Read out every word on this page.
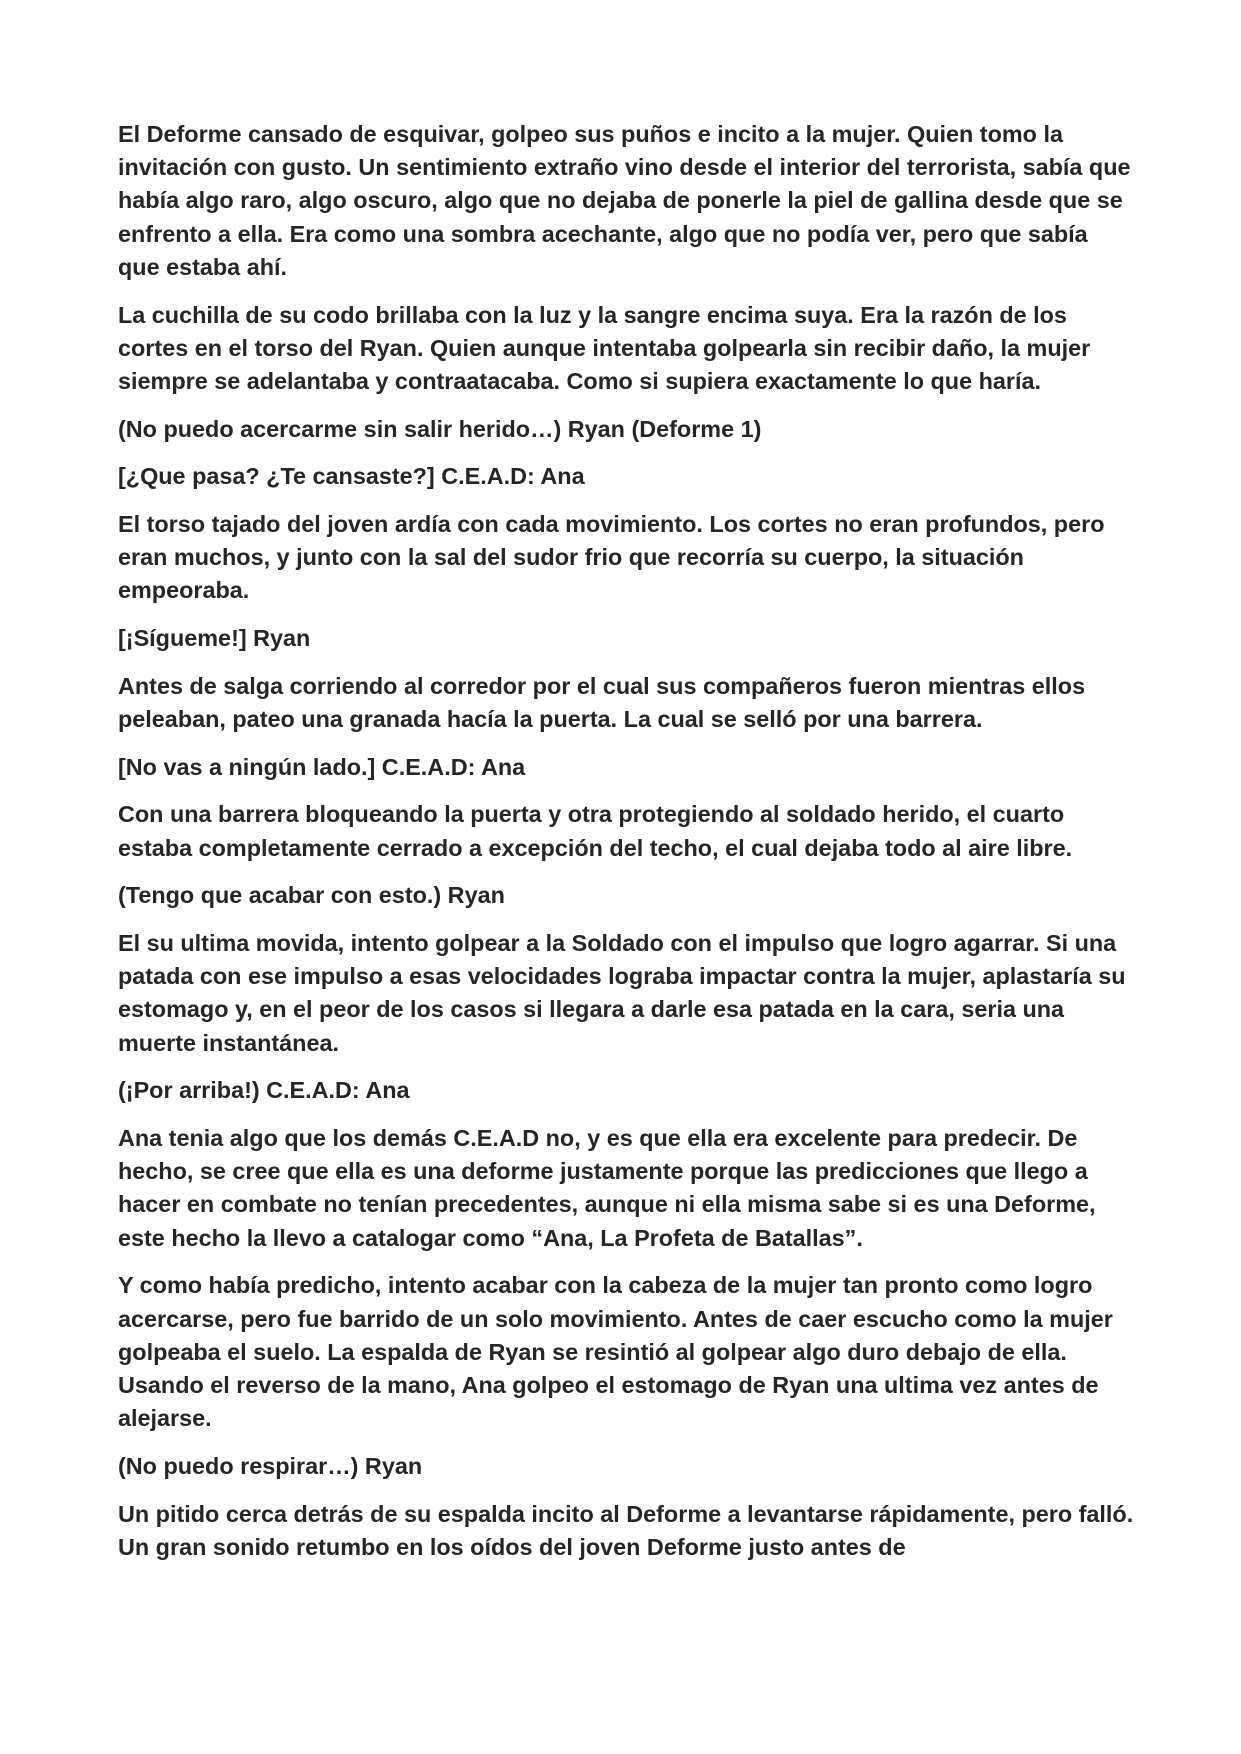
El Deforme cansado de esquivar, golpeo sus puños e incito a la mujer. Quien tomo la invitación con gusto. Un sentimiento extraño vino desde el interior del terrorista, sabía que había algo raro, algo oscuro, algo que no dejaba de ponerle la piel de gallina desde que se enfrento a ella. Era como una sombra acechante, algo que no podía ver, pero que sabía que estaba ahí.

La cuchilla de su codo brillaba con la luz y la sangre encima suya. Era la razón de los cortes en el torso del Ryan. Quien aunque intentaba golpearla sin recibir daño, la mujer siempre se adelantaba y contraatacaba. Como si supiera exactamente lo que haría.

(No puedo acercarme sin salir herido…) Ryan (Deforme 1)

[¿Que pasa? ¿Te cansaste?] C.E.A.D: Ana

El torso tajado del joven ardía con cada movimiento. Los cortes no eran profundos, pero eran muchos, y junto con la sal del sudor frio que recorría su cuerpo, la situación empeoraba.

[¡Sígueme!] Ryan

Antes de salga corriendo al corredor por el cual sus compañeros fueron mientras ellos peleaban, pateo una granada hacía la puerta. La cual se selló por una barrera.

[No vas a ningún lado.] C.E.A.D: Ana

Con una barrera bloqueando la puerta y otra protegiendo al soldado herido, el cuarto estaba completamente cerrado a excepción del techo, el cual dejaba todo al aire libre.

(Tengo que acabar con esto.) Ryan

El su ultima movida, intento golpear a la Soldado con el impulso que logro agarrar. Si una patada con ese impulso a esas velocidades lograba impactar contra la mujer, aplastaría su estomago y, en el peor de los casos si llegara a darle esa patada en la cara, seria una muerte instantánea.

(¡Por arriba!) C.E.A.D: Ana

Ana tenia algo que los demás C.E.A.D no, y es que ella era excelente para predecir. De hecho, se cree que ella es una deforme justamente porque las predicciones que llego a hacer en combate no tenían precedentes, aunque ni ella misma sabe si es una Deforme, este hecho la llevo a catalogar como “Ana, La Profeta de Batallas”.

Y como había predicho, intento acabar con la cabeza de la mujer tan pronto como logro acercarse, pero fue barrido de un solo movimiento. Antes de caer escucho como la mujer golpeaba el suelo. La espalda de Ryan se resintió al golpear algo duro debajo de ella. Usando el reverso de la mano, Ana golpeo el estomago de Ryan una ultima vez antes de alejarse.

(No puedo respirar…) Ryan

Un pitido cerca detrás de su espalda incito al Deforme a levantarse rápidamente, pero falló. Un gran sonido retumbo en los oídos del joven Deforme justo antes de
